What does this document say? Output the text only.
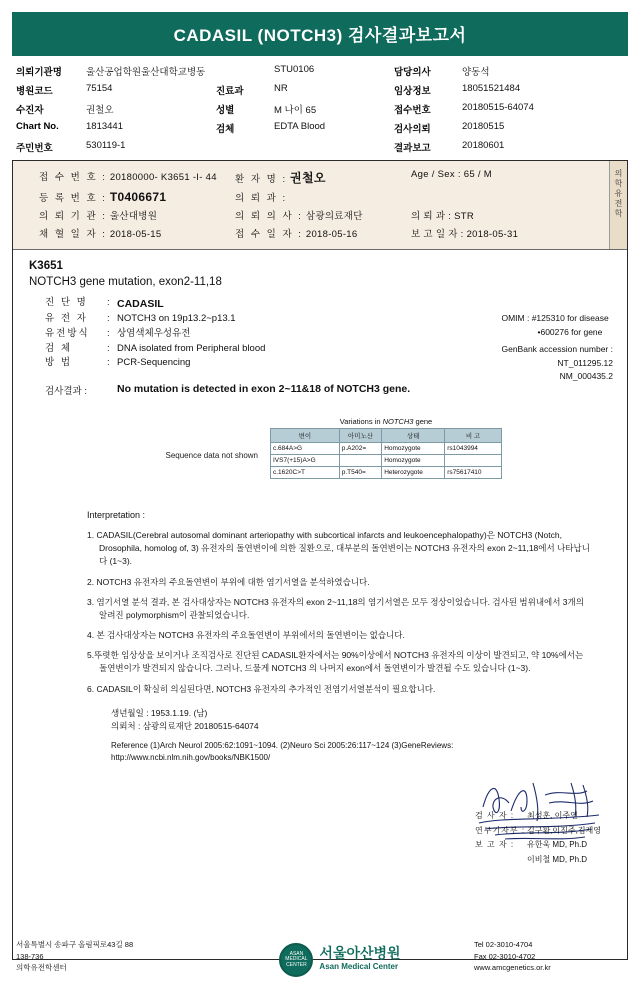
CADASIL (NOTCH3) 검사결과보고서
의뢰기관명	울산공업학원울산대학교병동	STU0106	담당의사	양동석
병원코드	75154	진료과	NR	임상정보	18051521484
수진자	권철오	성별	M 나이 65	접수번호	20180515-64074
Chart No.	1813441	검체	EDTA Blood	검사의뢰	20180515
주민번호	530119-1	결과보고	20180601
의 학 유 전 학
접 수 번 호 : 20180000- K3651 -I- 44	환 자 명 : 권철오	Age / Sex : 65 / M
등 록 번 호 : T0406671	의 뢰 과 :
의 뢰 기 관 : 울산대병원	의 뢰 의 사 : 삼광의료재단	의 뢰 과 : STR
채 혈 일 자 : 2018-05-15	접 수 일 자 : 2018-05-16	보 고 일 자 : 2018-05-31
K3651
NOTCH3 gene mutation, exon2-11,18
OMIM : #125310 for disease
•600276 for gene
GenBank accession number :
NT_011295.12
NM_000435.2
진 단 명	: CADASIL
유 전 자	: NOTCH3 on 19p13.2~p13.1
유전방식	: 상염색체우성유전
검 체	: DNA isolated from Peripheral blood
방 법	: PCR-Sequencing
검사결과 :	No mutation is detected in exon 2~11&18 of NOTCH3 gene.
Sequence data not shown
Variations in NOTCH3 gene
변이	아미노산	상태	비 고
c.684A>G	p.A202=	Homozygote	rs1043994
IVS7(+15)A>G		Homozygote	
c.1620C>T	p.T540=	Heterozygote	rs75617410
Interpretation :

1. CADASIL(Cerebral autosomal dominant arteriopathy with subcortical infarcts and leukoencephalopathy)은 NOTCH3 (Notch, Drosophila, homolog of, 3) 유전자의 돌연변이에 의한 질환으로, 대부분의 돌연변이는 NOTCH3 유전자의 exon 2~11,18에서 나타납니다 (1~3).

2. NOTCH3 유전자의 주요돌연변이 부위에 대한 염기서열을 분석하였습니다.

3. 염기서열 분석 결과, 본 검사대상자는 NOTCH3 유전자의 exon 2~11,18의 염기서열은 모두 정상이었습니다. 검사된 범위내에서 3개의 알려진 polymorphism이 관찰되었습니다.

4. 본 검사대상자는 NOTCH3 유전자의 주요돌연변이 부위에서의 돌연변이는 없습니다.

5.뚜렷한 임상상을 보이거나 조직검사로 진단된 CADASIL환자에서는 90%이상에서 NOTCH3 유전자의 이상이 발견되고, 약 10%에서는 돌연변이가 발견되지 않습니다. 그러나, 드물게 NOTCH3 의 나머지 exon에서 돌연변이가 발견될 수도 있습니다 (1~3).

6. CADASIL이 확실히 의심된다면, NOTCH3 유전자의 추가적인 전염기서열분석이 필요합니다.

생년월일 : 1953.1.19. (남)
의뢰처 : 삼광의료재단 20180515-64074
Reference (1)Arch Neurol 2005:62:1091~1094. (2)Neuro Sci 2005:26:117~124 (3)GeneReviews:
http://www.ncbi.nlm.nih.gov/books/NBK1500/
검 사 자 :	최성훈, 이주연
연구기자부 : 김구환,이진주,김재영
보 고 자 :	유한욱 MD, Ph.D
이비철 MD, Ph.D
서울특별시 송파구 올림픽로43길 88
138-736
의학유전학센터
ASAN MEDICAL CENTER
서울아산병원
Asan Medical Center
Tel 02-3010-4704
Fax 02-3010-4702
www.amcgenetics.or.kr
